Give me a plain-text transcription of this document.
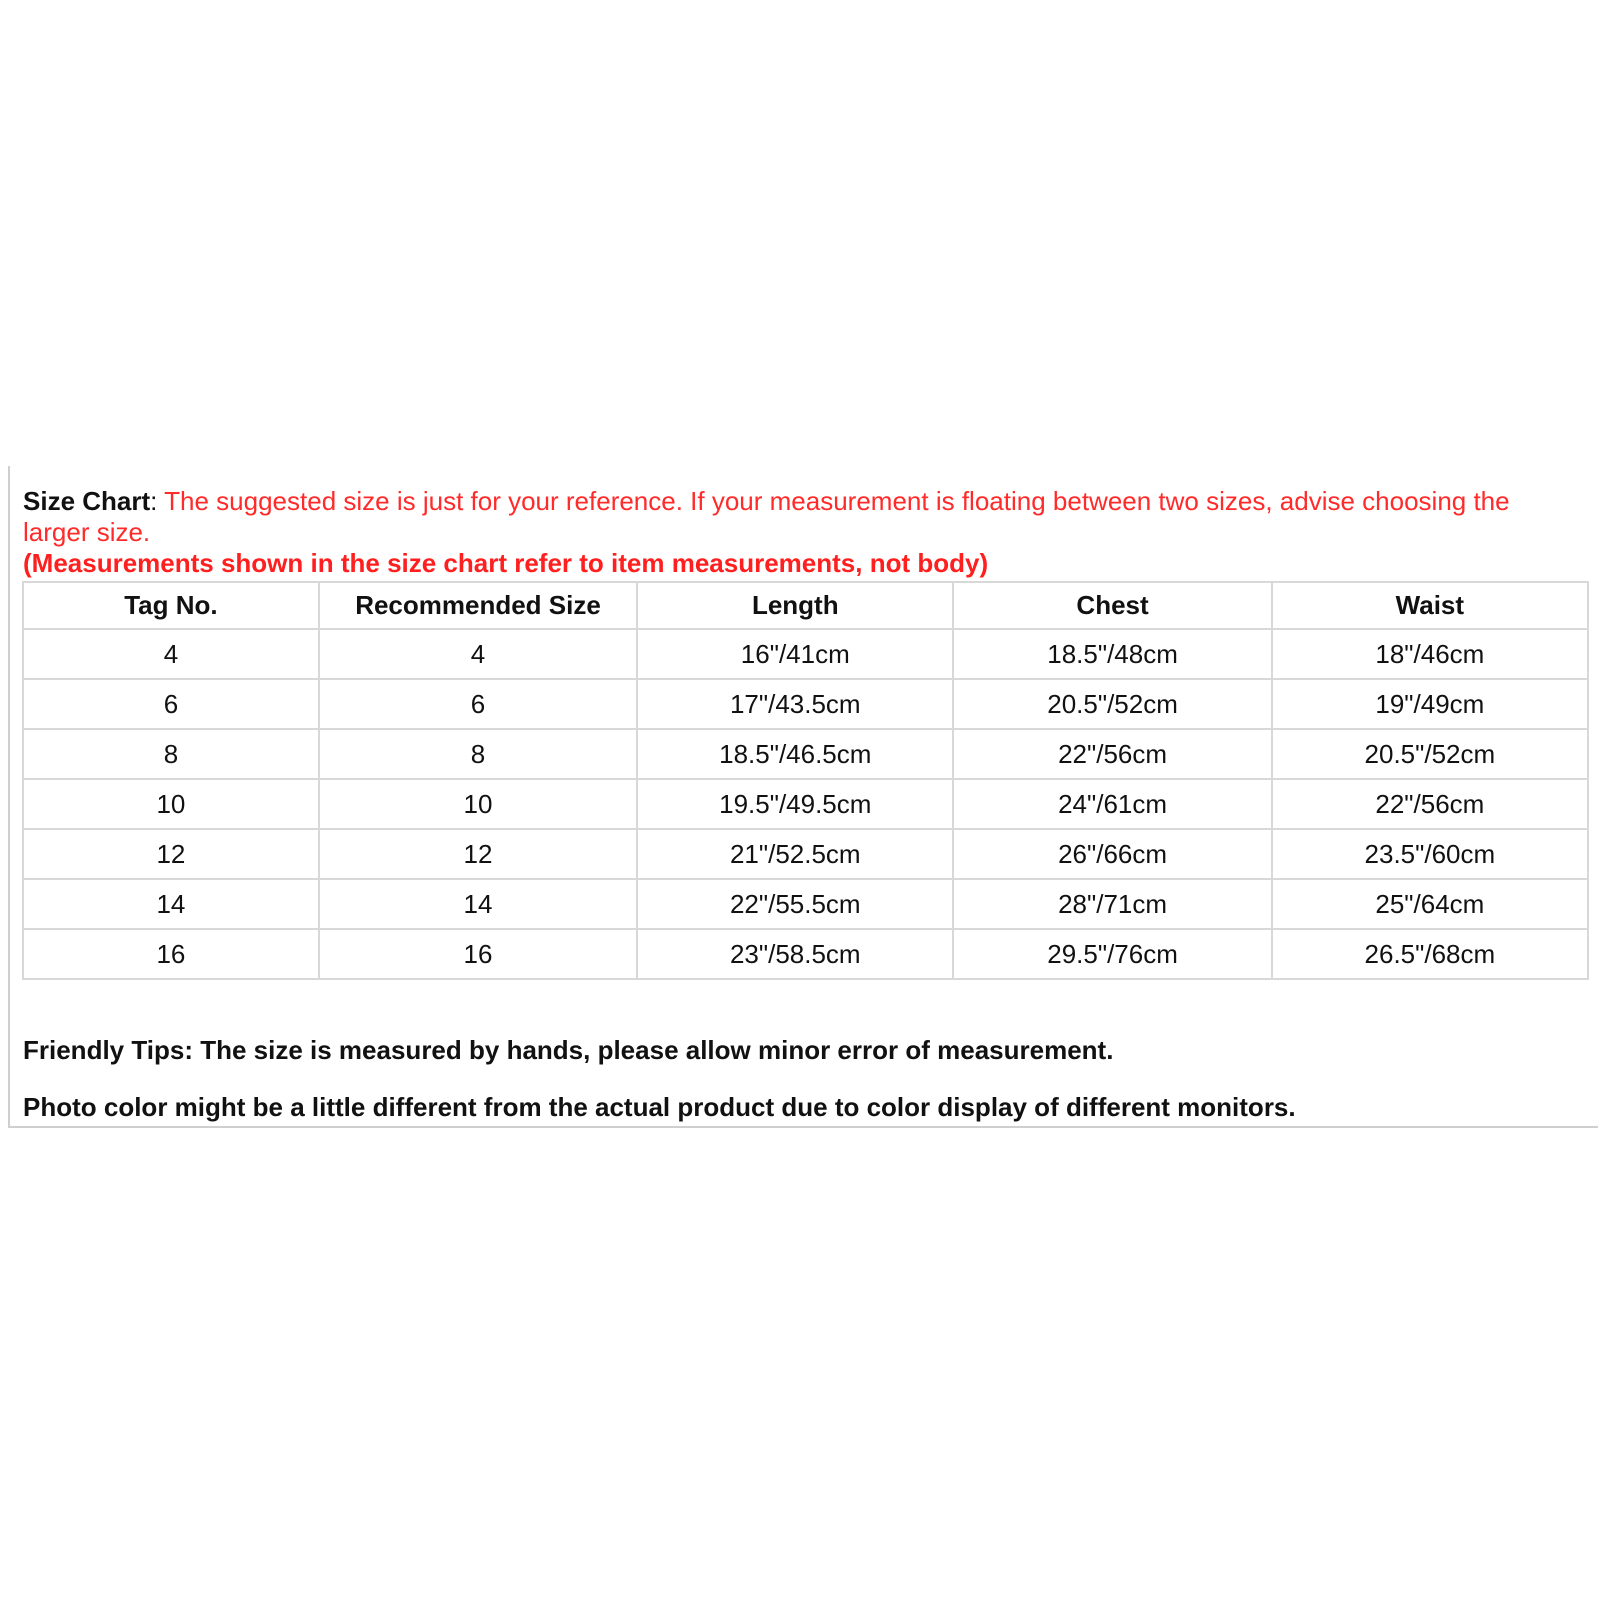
Size Chart: The suggested size is just for your reference. If your measurement is floating between two sizes, advise choosing the larger size.
(Measurements shown in the size chart refer to item measurements, not body)
Tag No.	Recommended Size	Length	Chest	Waist
4	4	16"/41cm	18.5"/48cm	18"/46cm
6	6	17"/43.5cm	20.5"/52cm	19"/49cm
8	8	18.5"/46.5cm	22"/56cm	20.5"/52cm
10	10	19.5"/49.5cm	24"/61cm	22"/56cm
12	12	21"/52.5cm	26"/66cm	23.5"/60cm
14	14	22"/55.5cm	28"/71cm	25"/64cm
16	16	23"/58.5cm	29.5"/76cm	26.5"/68cm

Friendly Tips: The size is measured by hands, please allow minor error of measurement.

Photo color might be a little different from the actual product due to color display of different monitors.
